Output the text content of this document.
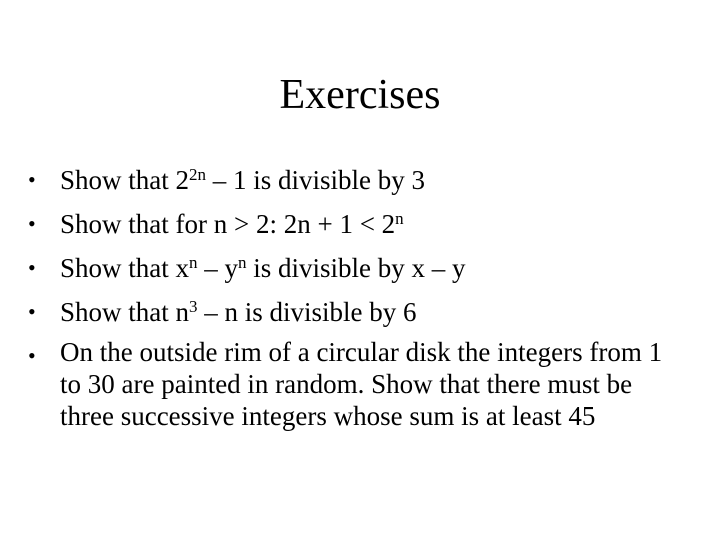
Exercises
• Show that $2^{2n} - 1$ is divisible by 3
• Show that for n > 2: $2n + 1 < 2^n$
• Show that $x^n - y^n$ is divisible by x – y
• Show that $n^3$ – n is divisible by 6
• On the outside rim of a circular disk the integers from 1
to 30 are painted in random. Show that there must be
three successive integers whose sum is at least 45
